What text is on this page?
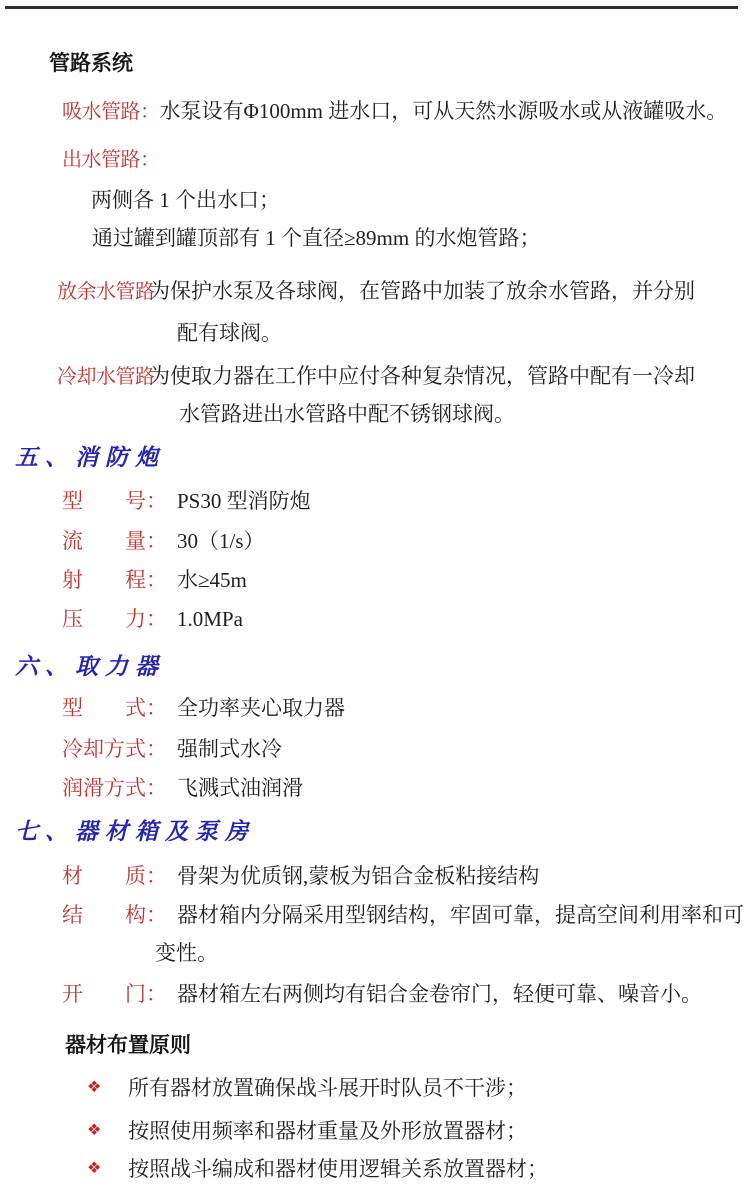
管路系统
吸水管路：水泵设有Φ100mm 进水口，可从天然水源吸水或从液罐吸水。
出水管路：
两侧各 1 个出水口；
通过罐到罐顶部有 1 个直径≥89mm 的水炮管路；
放余水管路为保护水泵及各球阀，在管路中加装了放余水管路，并分别
配有球阀。
冷却水管路为使取力器在工作中应付各种复杂情况，管路中配有一冷却
水管路进出水管路中配不锈钢球阀。
五、消防炮
型号： PS30 型消防炮
流量： 30（1/s）
射程： 水≥45m
压力： 1.0MPa
六、取力器
型式： 全功率夹心取力器
冷却方式： 强制式水冷
润滑方式： 飞溅式油润滑
七、器材箱及泵房
材质： 骨架为优质钢,蒙板为铝合金板粘接结构
结构： 器材箱内分隔采用型钢结构，牢固可靠，提高空间利用率和可
变性。
开门： 器材箱左右两侧均有铝合金卷帘门，轻便可靠、噪音小。
器材布置原则
❖	所有器材放置确保战斗展开时队员不干涉；
❖	按照使用频率和器材重量及外形放置器材；
❖	按照战斗编成和器材使用逻辑关系放置器材；
